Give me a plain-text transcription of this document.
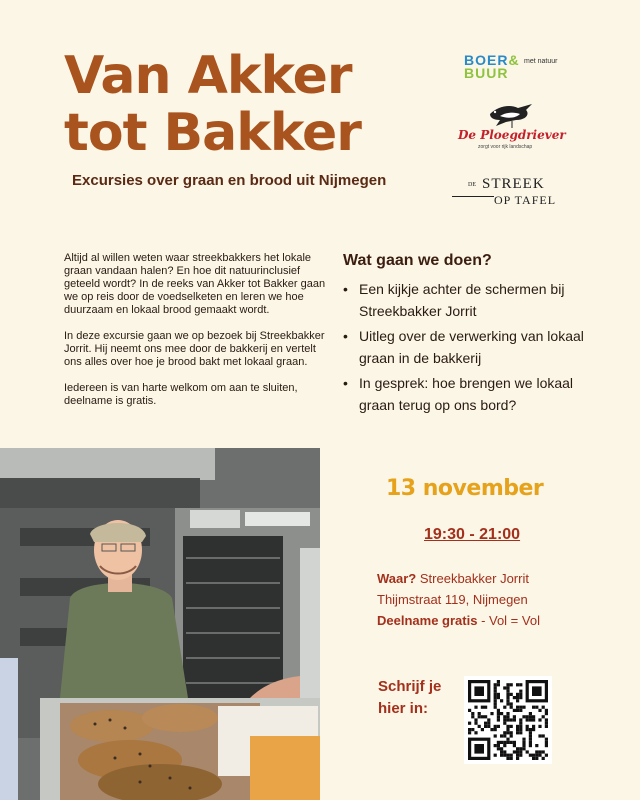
Van Akker
tot Bakker
Excursies over graan en brood uit Nijmegen
BOER&
BUUR
met natuur
De Ploegdriever
zorgt voor rijk landschap
DE STREEK
OP TAFEL

Altijd al willen weten waar streekbakkers het lokale graan vandaan halen? En hoe dit natuurinclusief geteeld wordt? In de reeks van Akker tot Bakker gaan we op reis door de voedselketen en leren we hoe duurzaam en lokaal brood gemaakt wordt.

In deze excursie gaan we op bezoek bij Streekbakker Jorrit. Hij neemt ons mee door de bakkerij en vertelt ons alles over hoe je brood bakt met lokaal graan.

Iedereen is van harte welkom om aan te sluiten, deelname is gratis.

Wat gaan we doen?
• Een kijkje achter de schermen bij Streekbakker Jorrit
• Uitleg over de verwerking van lokaal graan in de bakkerij
• In gesprek: hoe brengen we lokaal graan terug op ons bord?
13 november
19:30 - 21:00
Waar? Streekbakker Jorrit
Thijmstraat 119, Nijmegen
Deelname gratis - Vol = Vol
Schrijf je
hier in:
